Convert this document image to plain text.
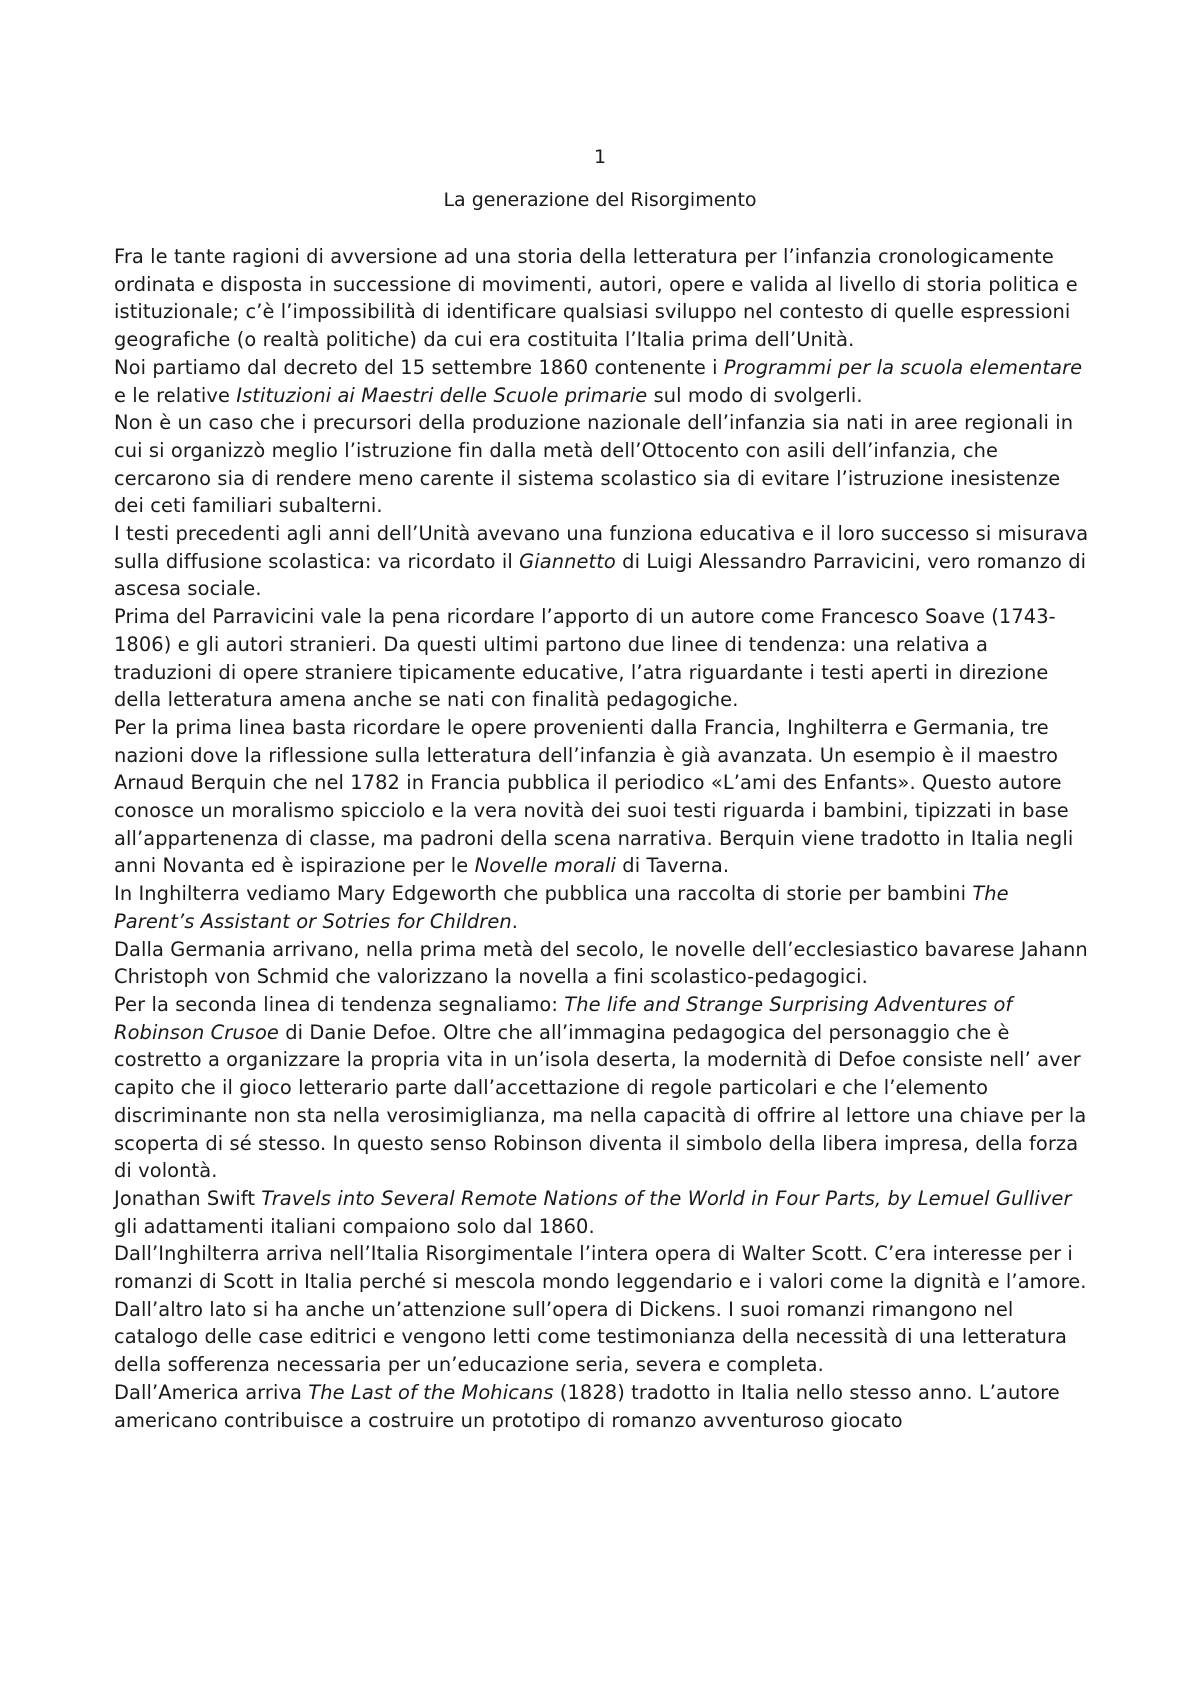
1
La generazione del Risorgimento

Fra le tante ragioni di avversione ad una storia della letteratura per l’infanzia cronologicamente ordinata e disposta in successione di movimenti, autori, opere e valida al livello di storia politica e istituzionale; c’è l’impossibilità di identificare qualsiasi sviluppo nel contesto di quelle espressioni geografiche (o realtà politiche) da cui era costituita l’Italia prima dell’Unità.

Noi partiamo dal decreto del 15 settembre 1860 contenente i Programmi per la scuola elementare e le relative Istituzioni ai Maestri delle Scuole primarie sul modo di svolgerli.

Non è un caso che i precursori della produzione nazionale dell’infanzia sia nati in aree regionali in cui si organizzò meglio l’istruzione fin dalla metà dell’Ottocento con asili dell’infanzia, che cercarono sia di rendere meno carente il sistema scolastico sia di evitare l’istruzione inesistenze dei ceti familiari subalterni.

I testi precedenti agli anni dell’Unità avevano una funziona educativa e il loro successo si misurava sulla diffusione scolastica: va ricordato il Giannetto di Luigi Alessandro Parravicini, vero romanzo di ascesa sociale.

Prima del Parravicini vale la pena ricordare l’apporto di un autore come Francesco Soave (1743-1806) e gli autori stranieri. Da questi ultimi partono due linee di tendenza: una relativa a traduzioni di opere straniere tipicamente educative, l’atra riguardante i testi aperti in direzione della letteratura amena anche se nati con finalità pedagogiche.

Per la prima linea basta ricordare le opere provenienti dalla Francia, Inghilterra e Germania, tre nazioni dove la riflessione sulla letteratura dell’infanzia è già avanzata. Un esempio è il maestro Arnaud Berquin che nel 1782 in Francia pubblica il periodico «L’ami des Enfants». Questo autore conosce un moralismo spicciolo e la vera novità dei suoi testi riguarda i bambini, tipizzati in base all’appartenenza di classe, ma padroni della scena narrativa. Berquin viene tradotto in Italia negli anni Novanta ed è ispirazione per le Novelle morali di Taverna.

In Inghilterra vediamo Mary Edgeworth che pubblica una raccolta di storie per bambini The Parent’s Assistant or Sotries for Children.

Dalla Germania arrivano, nella prima metà del secolo, le novelle dell’ecclesiastico bavarese Jahann Christoph von Schmid che valorizzano la novella a fini scolastico-pedagogici.

Per la seconda linea di tendenza segnaliamo: The life and Strange Surprising Adventures of Robinson Crusoe di Danie Defoe. Oltre che all’immagina pedagogica del personaggio che è costretto a organizzare la propria vita in un’isola deserta, la modernità di Defoe consiste nell’ aver capito che il gioco letterario parte dall’accettazione di regole particolari e che l’elemento discriminante non sta nella verosimiglianza, ma nella capacità di offrire al lettore una chiave per la scoperta di sé stesso. In questo senso Robinson diventa il simbolo della libera impresa, della forza di volontà.

Jonathan Swift Travels into Several Remote Nations of the World in Four Parts, by Lemuel Gulliver gli adattamenti italiani compaiono solo dal 1860.

Dall’Inghilterra arriva nell’Italia Risorgimentale l’intera opera di Walter Scott. C’era interesse per i romanzi di Scott in Italia perché si mescola mondo leggendario e i valori come la dignità e l’amore.

Dall’altro lato si ha anche un’attenzione sull’opera di Dickens. I suoi romanzi rimangono nel catalogo delle case editrici e vengono letti come testimonianza della necessità di una letteratura della sofferenza necessaria per un’educazione seria, severa e completa.

Dall’America arriva The Last of the Mohicans (1828) tradotto in Italia nello stesso anno. L’autore americano contribuisce a costruire un prototipo di romanzo avventuroso giocato
